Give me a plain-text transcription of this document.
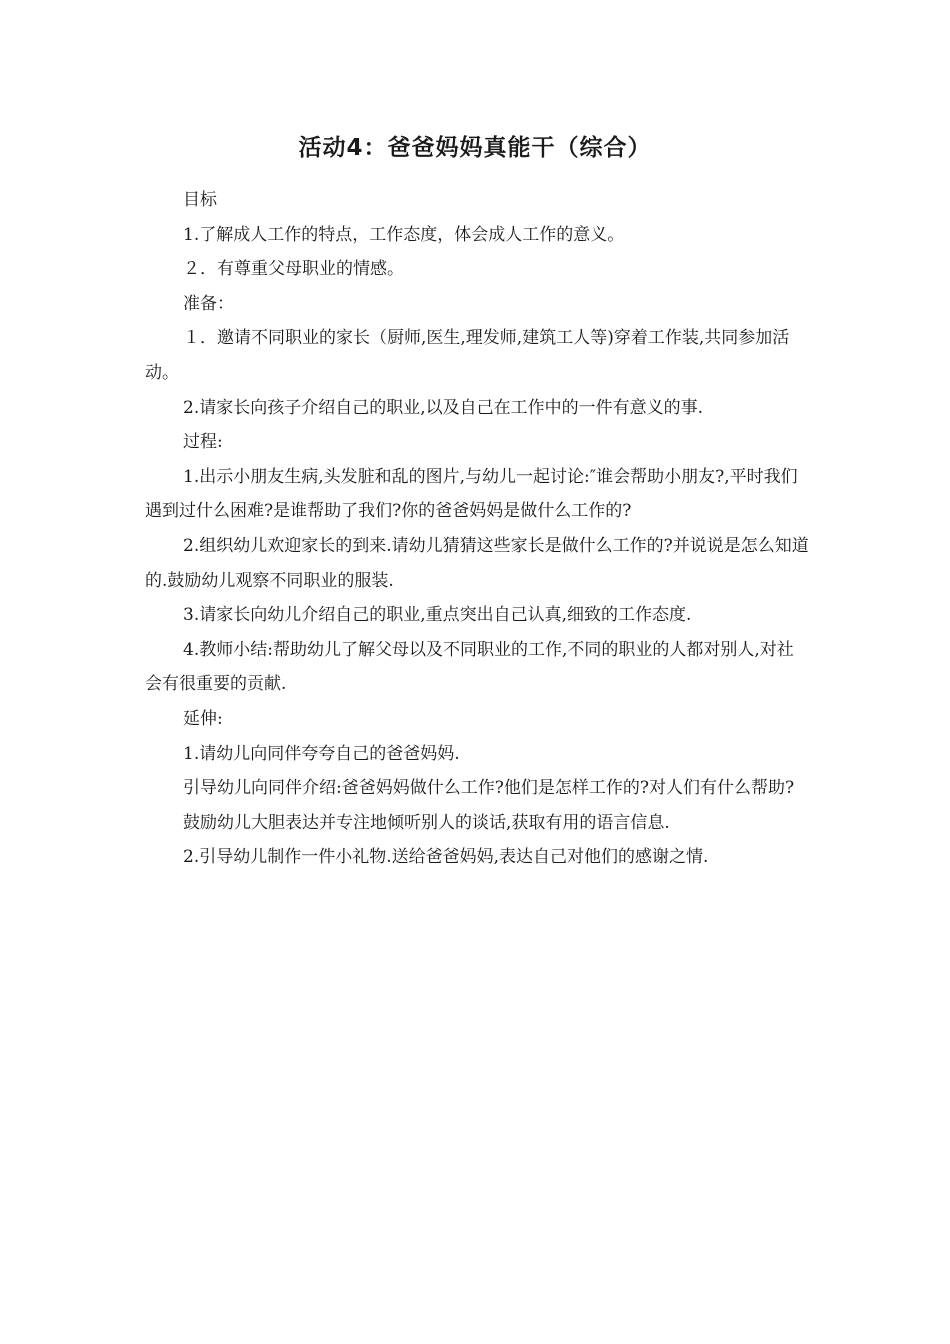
活动4：爸爸妈妈真能干（综合）

目标

1.了解成人工作的特点，工作态度，体会成人工作的意义。

２．有尊重父母职业的情感。

准备：

１．邀请不同职业的家长（厨师,医生,理发师,建筑工人等)穿着工作装,共同参加活动。

2.请家长向孩子介绍自己的职业,以及自己在工作中的一件有意义的事.

过程:

1.出示小朋友生病,头发脏和乱的图片,与幼儿一起讨论:″谁会帮助小朋友?,平时我们遇到过什么困难?是谁帮助了我们?你的爸爸妈妈是做什么工作的?

2.组织幼儿欢迎家长的到来.请幼儿猜猜这些家长是做什么工作的?并说说是怎么知道的.鼓励幼儿观察不同职业的服装.

3.请家长向幼儿介绍自己的职业,重点突出自己认真,细致的工作态度.

4.教师小结:帮助幼儿了解父母以及不同职业的工作,不同的职业的人都对别人,对社会有很重要的贡献.

延伸:

1.请幼儿向同伴夸夸自己的爸爸妈妈.

引导幼儿向同伴介绍:爸爸妈妈做什么工作?他们是怎样工作的?对人们有什么帮助?

鼓励幼儿大胆表达并专注地倾听别人的谈话,获取有用的语言信息.

2.引导幼儿制作一件小礼物.送给爸爸妈妈,表达自己对他们的感谢之情.
